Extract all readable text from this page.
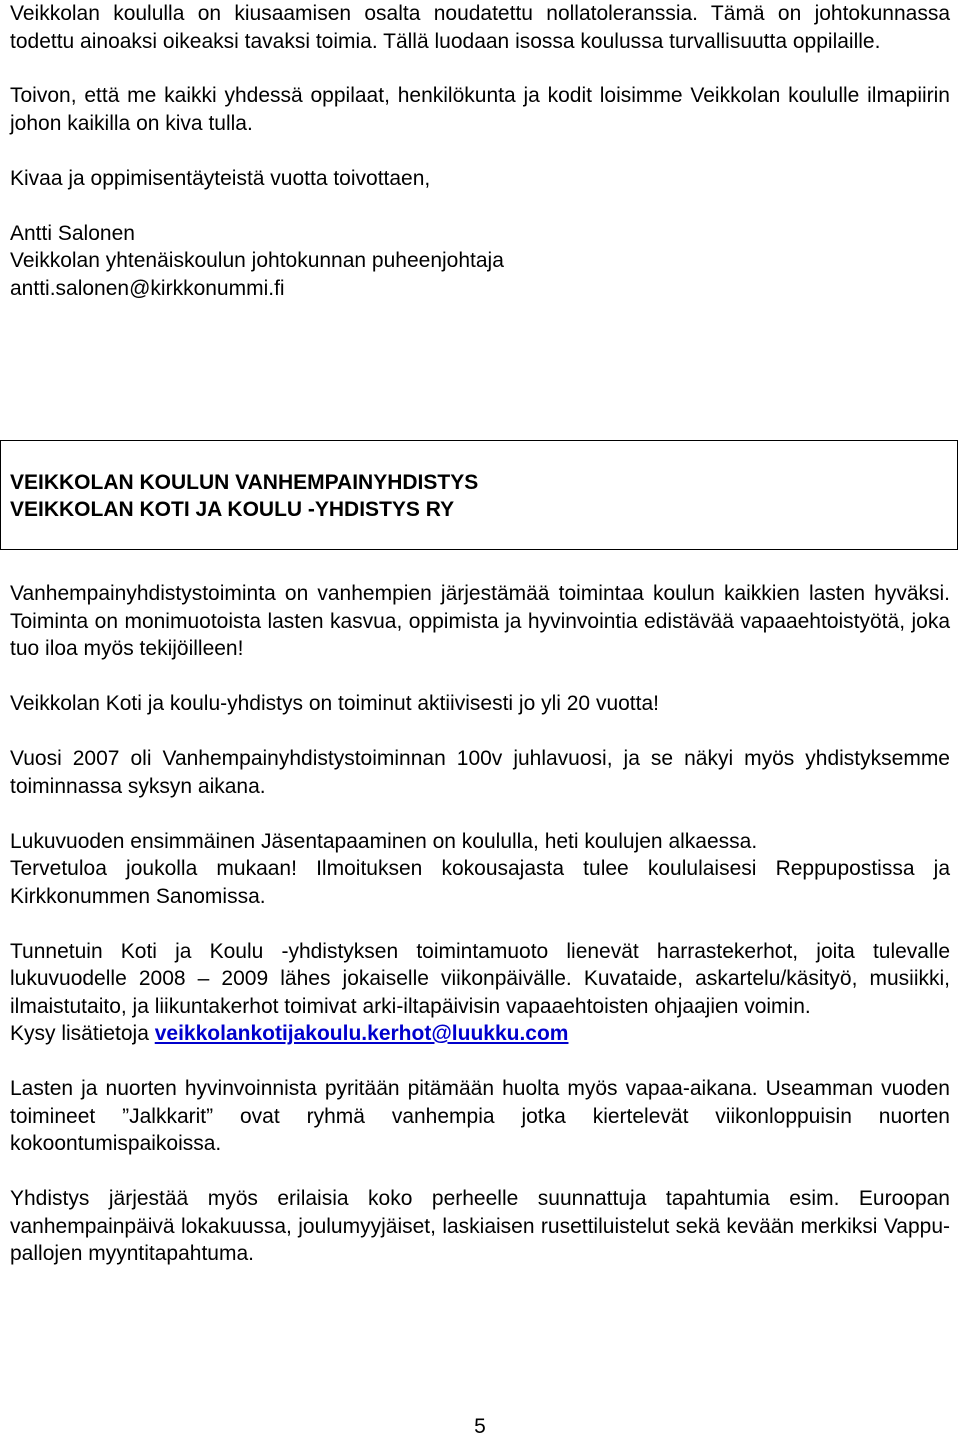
Veikkolan koululla on kiusaamisen osalta noudatettu nollatoleranssia. Tämä on johtokunnassa todettu ainoaksi oikeaksi tavaksi toimia. Tällä luodaan isossa koulussa turvallisuutta oppilaille.

Toivon, että me kaikki yhdessä oppilaat, henkilökunta ja kodit loisimme Veikkolan koululle ilmapiirin johon kaikilla on kiva tulla.

Kivaa ja oppimisentäyteistä vuotta toivottaen,

Antti Salonen

Veikkolan yhtenäiskoulun johtokunnan puheenjohtaja

antti.salonen@kirkkonummi.fi

VEIKKOLAN KOULUN VANHEMPAINYHDISTYS
VEIKKOLAN KOTI JA KOULU -YHDISTYS RY

Vanhempainyhdistystoiminta on vanhempien järjestämää toimintaa koulun kaikkien lasten hyväksi. Toiminta on monimuotoista lasten kasvua, oppimista ja hyvinvointia edistävää vapaaehtoistyötä, joka tuo iloa myös tekijöilleen!

Veikkolan Koti ja koulu-yhdistys on toiminut aktiivisesti jo yli 20 vuotta!

Vuosi 2007 oli Vanhempainyhdistystoiminnan 100v juhlavuosi, ja se näkyi myös yhdistyksemme toiminnassa syksyn aikana.

Lukuvuoden ensimmäinen Jäsentapaaminen on koululla, heti koulujen alkaessa.

Tervetuloa joukolla mukaan! Ilmoituksen kokousajasta tulee koululaisesi Reppupostissa ja Kirkkonummen Sanomissa.

Tunnetuin Koti ja Koulu -yhdistyksen toimintamuoto lienevät harrastekerhot, joita tulevalle lukuvuodelle 2008 – 2009 lähes jokaiselle viikonpäivälle. Kuvataide, askartelu/käsityö, musiikki, ilmaistutaito, ja liikuntakerhot toimivat arki-iltapäivisin vapaaehtoisten ohjaajien voimin.

Kysy lisätietoja veikkolankotijakoulu.kerhot@luukku.com

Lasten ja nuorten hyvinvoinnista pyritään pitämään huolta myös vapaa-aikana. Useamman vuoden toimineet ”Jalkkarit” ovat ryhmä vanhempia jotka kiertelevät viikonloppuisin nuorten kokoontumispaikoissa.

Yhdistys järjestää myös erilaisia koko perheelle suunnattuja tapahtumia esim. Euroopan vanhempainpäivä lokakuussa, joulumyyjäiset, laskiaisen rusettiluistelut sekä kevään merkiksi Vappu-pallojen myyntitapahtuma.

5
